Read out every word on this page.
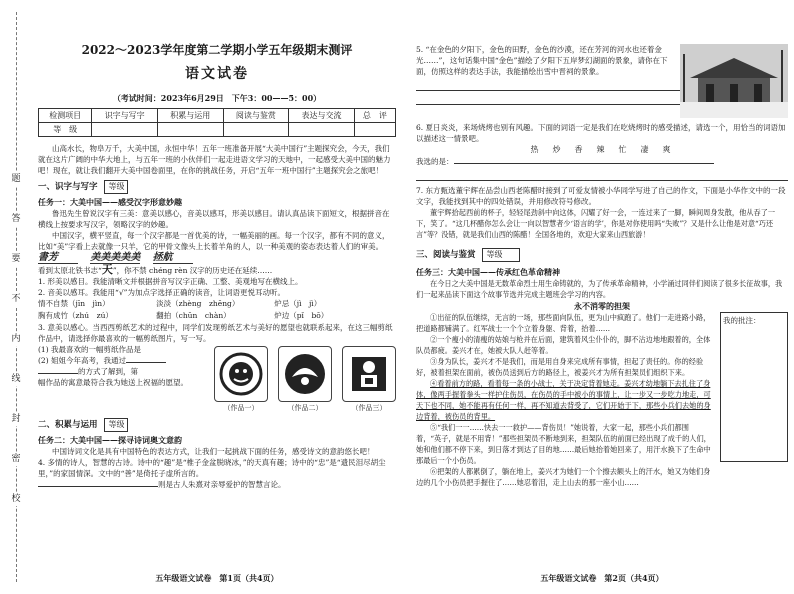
题
答
要
不
内
线
封
密
校
2022～2023学年度第二学期小学五年级期末测评
语文试卷
（考试时间：2023年6月29日　下午3：00——5：00）
检测项目	识字与写字	积累与运用	阅读与鉴赏	表达与交流	总　评
等　级					
山高水长，物阜万千，大美中国，永恒中华！五年一班准备开展“大美中国行”主题探究会，今天，我们就在这片广阔的中华大地上，与五年一班的小伙伴们一起走进语文学习的天地中，一起感受大美中国的魅力吧！现在，就让我们翻开大美中国卷面里，在你的挑战任务，开启“五年一班中国行”主题探究会之旅吧！
一、识字与写字 等级
任务一：大美中国——感受汉字形意妙趣
鲁迅先生曾说汉字有三美：意美以感心，音美以感耳，形美以感目。请认真品读下面短文，根据拼音在横线上按要求写汉字，领略汉字的妙趣。
中国汉字，横平竖直，每一个汉字都是一首优美的诗，一幅美丽的画。每一个汉字，都有不同的意义，比如“美”字看上去就像一只羊，它的甲骨文像头上长着羊角的人，以一种美观的姿态表达着人们的审美。
書芳 　	美美美美美 　 拯航
看到太原北铁书志“天”，你不禁 chéng rèn 汉字的历史还在延续……
1. 形美以感目。我能清晰文并根据拼音写汉字正确、工整、美观地写在横线上。
2. 音美以感耳。我能用“√”为加点字选择正确的读音，让词语更悦耳动听。
情不自禁（jīn　jìn）	淡淡（zhèng　zhēng）	炉忌（jì　jì）
胸有成竹（zhú　zú）	翻拍（chūn　chàn）	炉边（pǐ　bō）
3. 意美以感心。当西西剪纸艺术的过程中，同学们发现剪纸艺术与美好的愿望也就联系起来，在这三幅剪纸作品中，请选择你最喜欢的一幅剪纸图片，写一写。
(1) 我最喜欢的一幅剪纸作品是
(2) 姐姐今年高考，我通过
的方式了解到，第
幅作品的寓意最符合我为她送上祝福的愿望。
（作品一）	（作品二）	（作品三）
二、积累与运用 等级
任务二：大美中国——探寻诗词奥文意韵
中国诗词文化是具有中国特色的表达方式，让我们一起挑战下面的任务，感受诗文的意韵悠长吧！
4. 多情的诗人，智慧的古诗。诗中的“趣”是“椎子金盆脱晓冰，”的天真有趣；诗中的“忠”是“遗民泪尽胡尘里，”的家国情深。文中的“善”是倚托子虚所言的。
则是古人朱熹对亲辱爱护的智慧言论。
五年级语文试卷　第1页（共4页）
5. “在金色的夕阳下，金色的田野，金色的沙漠，还在芳河的河水也还着金光……”，这句话集中国“金色”描绘了夕阳下五岸梦幻湖面的景象，请你在下面，仿照这样的表达手法，我能描绘出雪中晋祠的景象。
6. 夏日炎炎，来场烧烤也别有风趣。下面的词语一定是我们在吃烧烤时的感受描述，请选一个，用恰当的词语加以描述这一情景吧。
热　炒　香　辣　忙　凄　爽
我选的是：
7. 东方甄选董宇辉在品尝山西老陈醋时接到了可爱友情被小华同学写进了自己的作文，下面是小华作文中的一段文字，我能找到其中的四处错误，并用修改符号修改。
董宇辉拾起西前的杯子，轻轻尾劲斜中向这体，闪耀了好一会，一连过来了一脚，瞬间周身发散，他从吞了一下，笑了。“这几杯醋你怎么会让一向以智慧者少‘语言的学’，你是对你使用吗“失败”？又是什么让他是对意“巧还言”等？没错，就是我们山西的陈醋！全国各地的，欢迎大家来山西旅游！
三、阅读与鉴赏 等级
任务三：大美中国——传承红色革命精神
在今日之大美中国是无数革命烈士用生命铸就的，为了传承革命精神，小学涌过同伴们阅读了很多长征故事，我们一起来品读下面这个故事节选并完成主题班会学习的内容。
永不消零的担架
①出征的队伍继续，无言的一场，那些面向队伍，更为山中疯跑了。他们一走进路小路，把道路都铺满了。红军战士一个个立着身躯、背着，抬着……
②一个瘦小的清瘦的姑娘与枪并在后面，建筑着风尘仆仆的，脚不沾边地地跟着的，全体队员都疲。姜兴才在，她被大队人赶等着。
③身为队长，姜兴才不是我们，而是用自身来完成所有事情，担起了责任的。你的经验好，被着担架在面前，被伤员送到后方的路径上，被姜兴才为所有担架员们组织下来。
④看着前方的路，看着每一条的小战士，关于决定背着她走。姜兴才幼地躺下去扎住了身体，像两手握着拳头一样护住伤员，在伤员的手中被小的事情上，让一步又一步吃力地走，可天下也不同，她不能再有任何一样，再不知道去背受了，它们开始于下，那些小兵们去她的身边背着，被伤员的背里。
⑤“我们一一……快去一一救护——背伤员！”她说着，大家一起，那些小兵们都围着，“英子，就是不用背！”那些担架员不断地到来，担架队伍的前面已经出现了成千的人们，她和他们都不停下来，到日落才到达了目的地……最后她抬着她回来了，用汗水换下了生命中那最后一个小伤员。
⑥把架的人都累倒了，躺在地上，姜兴才为她们一个个擦去额头上的汗水，她又为她们身边的几个小伤员把手握住了……她忍着泪，走上山去的那一座小山……
我的批注：
五年级语文试卷　第2页（共4页）
